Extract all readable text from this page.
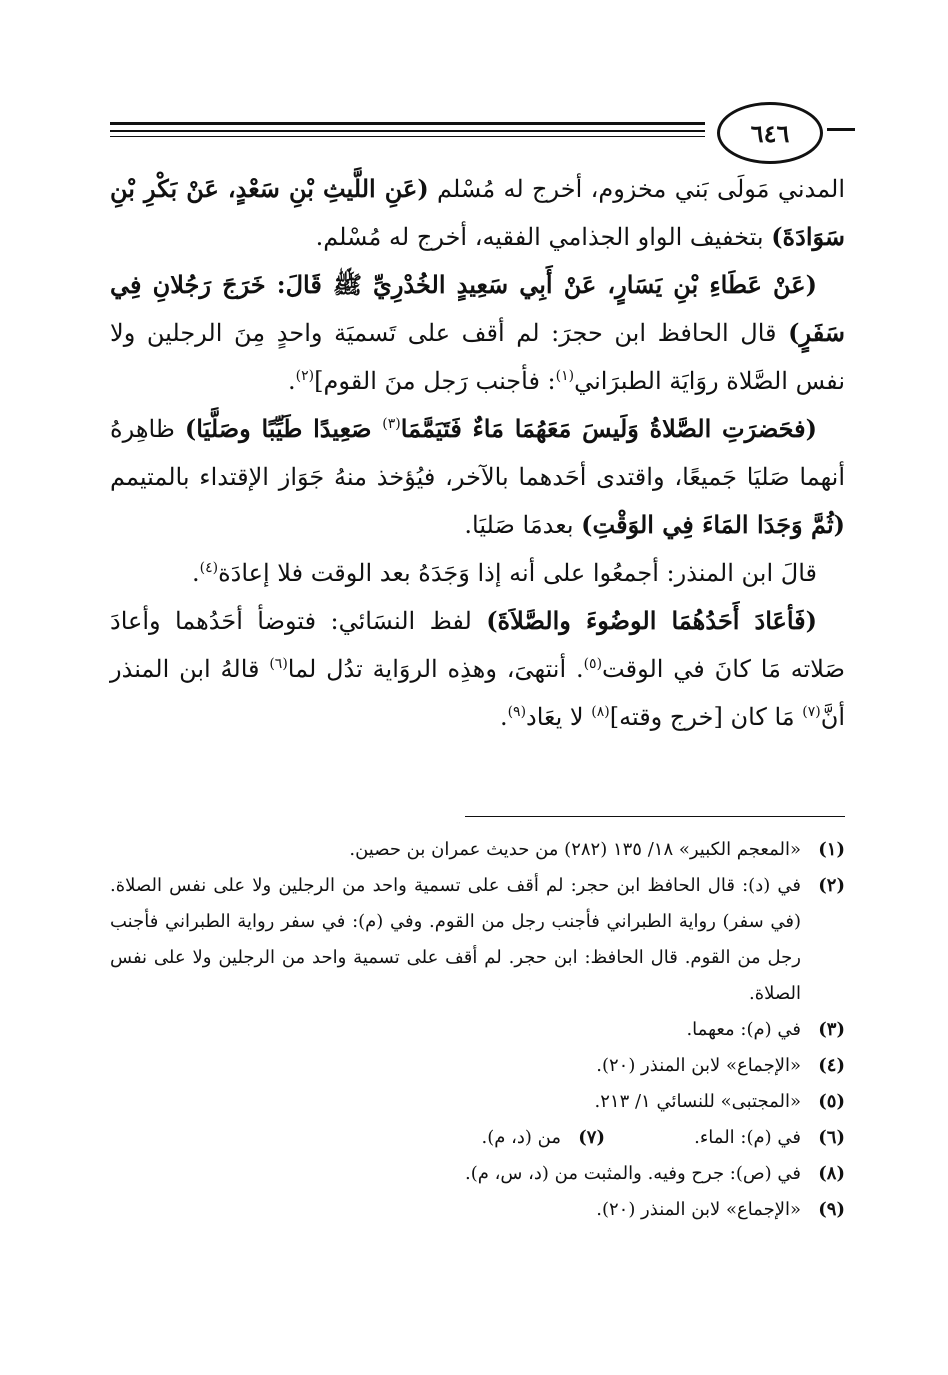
٦٤٦

المدني مَولَى بَني مخزوم، أخرج له مُسْلم (عَنِ اللَّيثِ بْنِ سَعْدٍ، عَنْ بَكْرِ بْنِ سَوَادَةَ) بتخفيف الواو الجذامي الفقيه، أخرج له مُسْلم.

(عَنْ عَطَاءِ بْنِ يَسَارٍ، عَنْ أَبِي سَعِيدٍ الخُدْرِيِّ ﷺ قَالَ: خَرَجَ رَجُلانِ فِي سَفَرٍ) قال الحافظ ابن حجرَ: لم أقف على تَسميَة واحدٍ مِنَ الرجلين ولا نفس الصَّلاة روَايَة الطبرَاني$^{(١)}$: فأجنب رَجل منَ القوم]$^{(٢)}$.

(فحَضرَتِ الصَّلاةُ وَلَيسَ مَعَهُمَا مَاءٌ فَتَيَمَّمَا$^{(٣)}$ صَعِيدًا طَيِّبًا وصَلَّيَا) ظاهِرهُ أنهما صَليَا جَميعًا، واقتدى أحَدهما بالآخر، فيُؤخذ منهُ جَوَاز الإقتداء بالمتيمم (ثُمَّ وَجَدَا المَاءَ فِي الوَقْتِ) بعدمَا صَليَا.

قالَ ابن المنذر: أجمعُوا على أنه إذا وَجَدَهُ بعد الوقت فلا إعادَة$^{(٤)}$.

(فَأعَادَ أَحَدُهُمَا الوضُوءَ والصَّلاَةَ) لفظ النسَائي: فتوضأ أحَدُهما وأعادَ صَلاته مَا كانَ في الوقت$^{(٥)}$. أنتهىَ، وهذِه الروَاية تدُل لما$^{(٦)}$ قالهُ ابن المنذر أنَّ$^{(٧)}$ مَا كان [خرج وقته]$^{(٨)}$ لا يعَاد$^{(٩)}$.

(١)
«المعجم الكبير» ١٨/ ١٣٥ (٢٨٢) من حديث عمران بن حصين.
(٢)
في (د): قال الحافظ ابن حجر: لم أقف على تسمية واحد من الرجلين ولا على نفس الصلاة. (في سفر) رواية الطبراني فأجنب رجل من القوم. وفي (م): في سفر رواية الطبراني فأجنب رجل من القوم. قال الحافظ: ابن حجر. لم أقف على تسمية واحد من الرجلين ولا على نفس الصلاة.
(٣)
في (م): معهما.
(٤)
«الإجماع» لابن المنذر (٢٠).
(٥)
«المجتبى» للنسائي ١/ ٢١٣.
(٦)
في (م): الماء.
(٧)
من (د، م).
(٨)
في (ص): جرح وفيه. والمثبت من (د، س، م).
(٩)
«الإجماع» لابن المنذر (٢٠).
